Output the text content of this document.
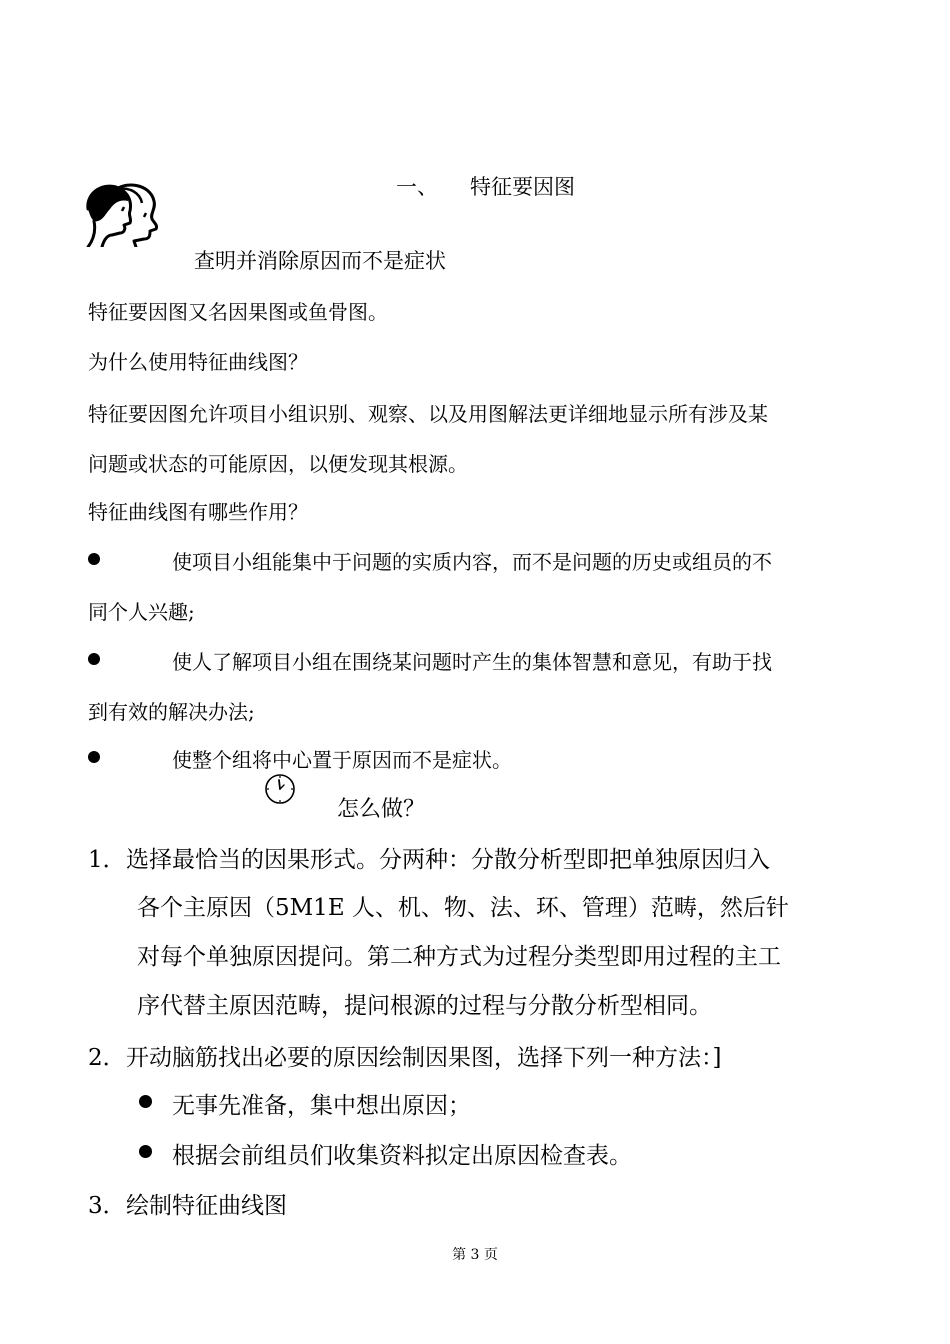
一、 特征要因图
查明并消除原因而不是症状
特征要因图又名因果图或鱼骨图。
为什么使用特征曲线图？
特征要因图允许项目小组识别、观察、以及用图解法更详细地显示所有涉及某
问题或状态的可能原因，以便发现其根源。
特征曲线图有哪些作用？
使项目小组能集中于问题的实质内容，而不是问题的历史或组员的不
同个人兴趣;
使人了解项目小组在围绕某问题时产生的集体智慧和意见，有助于找
到有效的解决办法;
使整个组将中心置于原因而不是症状。
怎么做？
1． 选择最恰当的因果形式。分两种：分散分析型即把单独原因归入
各个主原因（5M1E 人、机、物、法、环、管理）范畴，然后针
对每个单独原因提问。第二种方式为过程分类型即用过程的主工
序代替主原因范畴，提问根源的过程与分散分析型相同。
2． 开动脑筋找出必要的原因绘制因果图，选择下列一种方法：]
无事先准备，集中想出原因；
根据会前组员们收集资料拟定出原因检查表。
3． 绘制特征曲线图
第 3 页
